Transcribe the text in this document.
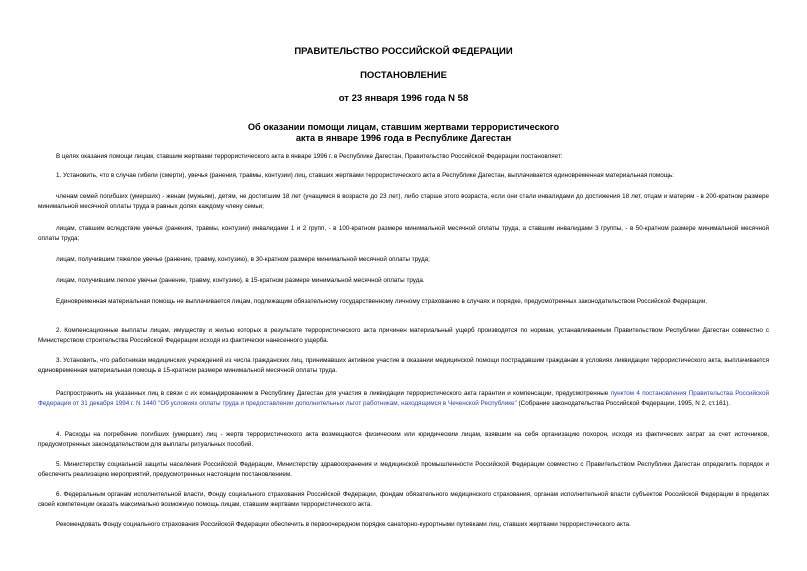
ПРАВИТЕЛЬСТВО РОССИЙСКОЙ ФЕДЕРАЦИИ
ПОСТАНОВЛЕНИЕ
от 23 января 1996 года N 58
Об оказании помощи лицам, ставшим жертвами террористического
акта в январе 1996 года в Республике Дагестан
В целях оказания помощи лицам, ставшим жертвами террористического акта в январе 1996 г. в Республике Дагестан, Правительство Российской Федерации постановляет:
1. Установить, что в случае гибели (смерти), увечья (ранения, травмы, контузии) лиц, ставших жертвами террористического акта в Республике Дагестан, выплачивается единовременная материальная помощь:
членам семей погибших (умерших) - женам (мужьям), детям, не достигшим 18 лет (учащимся в возрасте до 23 лет), либо старше этого возраста, если они стали инвалидами до достижения 18 лет, отцам и матерям - в 200-кратном размере минимальной месячной оплаты труда в равных долях каждому члену семьи;
лицам, ставшим вследствие увечья (ранения, травмы, контузии) инвалидами 1 и 2 групп, - в 100-кратном размере минимальной месячной оплаты труда, а ставшим инвалидами 3 группы, - в 50-кратном размере минимальной месячной оплаты труда;
лицам, получившим тяжелое увечье (ранение, травму, контузию), в 30-кратном размере минимальной месячной оплаты труда;
лицам, получившим легкое увечье (ранение, травму, контузию), в 15-кратном размере минимальной месячной оплаты труда.
Единовременная материальная помощь не выплачивается лицам, подлежащим обязательному государственному личному страхованию в случаях и порядке, предусмотренных законодательством Российской Федерации.
2. Компенсационные выплаты лицам, имуществу и жилью которых в результате террористического акта причинен материальный ущерб производятся по нормам, устанавливаемым Правительством Республики Дагестан совместно с Министерством строительства Российской Федерации исходя из фактически нанесенного ущерба.
3. Установить, что работникам медицинских учреждений из числа гражданских лиц, принимавших активное участие в оказании медицинской помощи пострадавшим гражданам в условиях ликвидации террористического акта, выплачивается единовременная материальная помощь в 15-кратном размере минимальной месячной оплаты труда.
Распространить на указанных лиц в связи с их командированием в Республику Дагестан для участия в ликвидации террористического акта гарантии и компенсации, предусмотренные пунктом 4 постановления Правительства Российской Федерации от 31 декабря 1994 г. N 1440 "Об условиях оплаты труда и предоставлении дополнительных льгот работникам, находящимся в Чеченской Республике" (Собрание законодательства Российской Федерации, 1995, N 2, ст.161).
4. Расходы на погребение погибших (умерших) лиц - жертв террористического акта возмещаются физическим или юридическим лицам, взявшим на себя организацию похорон, исходя из фактических затрат за счет источников, предусмотренных законодательством для выплаты ритуальных пособий.
5. Министерству социальной защиты населения Российской Федерации, Министерству здравоохранения и медицинской промышленности Российской Федерации совместно с Правительством Республики Дагестан определить порядок и обеспечить реализацию мероприятий, предусмотренных настоящим постановлением.
6. Федеральным органам исполнительной власти, Фонду социального страхования Российской Федерации, фондам обязательного медицинского страхования, органам исполнительной власти субъектов Российской Федерации в пределах своей компетенции оказать максимально возможную помощь лицам, ставшим жертвами террористического акта.
Рекомендовать Фонду социального страхования Российской Федерации обеспечить в первоочередном порядке санаторно-курортными путевками лиц, ставших жертвами террористического акта.
